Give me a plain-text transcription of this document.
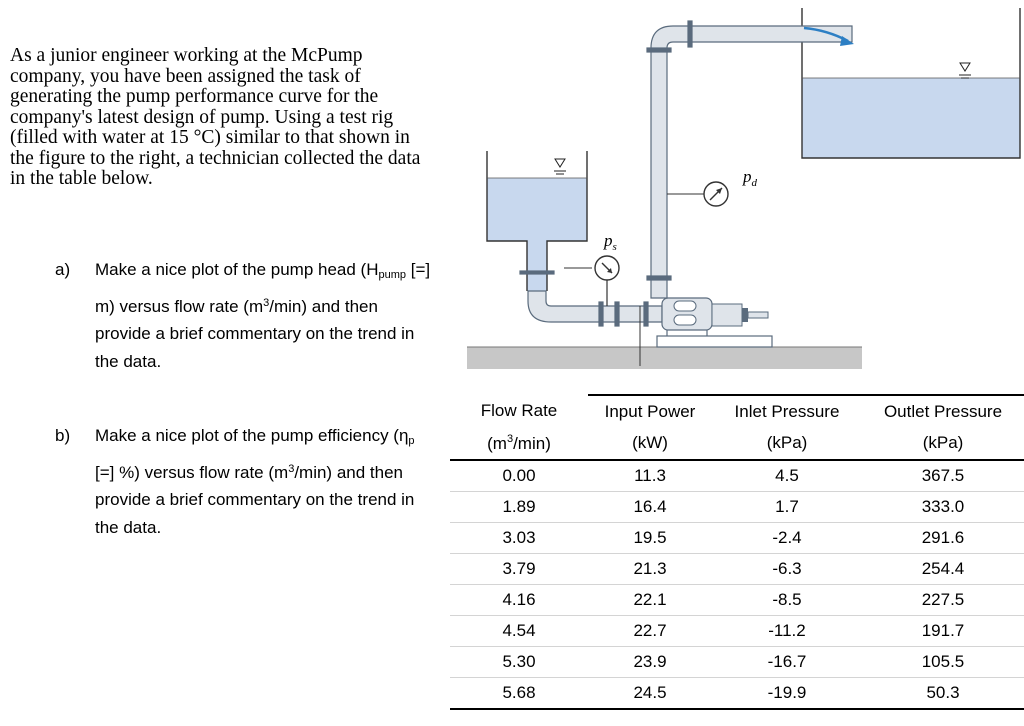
As a junior engineer working at the McPump company, you have been assigned the task of generating the pump performance curve for the company's latest design of pump. Using a test rig (filled with water at 15 °C) similar to that shown in the figure to the right, a technician collected the data in the table below.

a) Make a nice plot of the pump head ($H_{pump}$ [=] m) versus flow rate $(m^3/\min)$ and then provide a brief commentary on the trend in the data.
b) Make a nice plot of the pump efficiency ($\eta_p$ [=] %) versus flow rate $(m^3/\min)$ and then provide a brief commentary on the trend in the data.
$p_s$
$p_d$
Flow Rate	Input Power	Inlet Pressure	Outlet Pressure
$(m^3/\min)$	(kW)	(kPa)	(kPa)
0.00	11.3	4.5	367.5
1.89	16.4	1.7	333.0
3.03	19.5	-2.4	291.6
3.79	21.3	-6.3	254.4
4.16	22.1	-8.5	227.5
4.54	22.7	-11.2	191.7
5.30	23.9	-16.7	105.5
5.68	24.5	-19.9	50.3
